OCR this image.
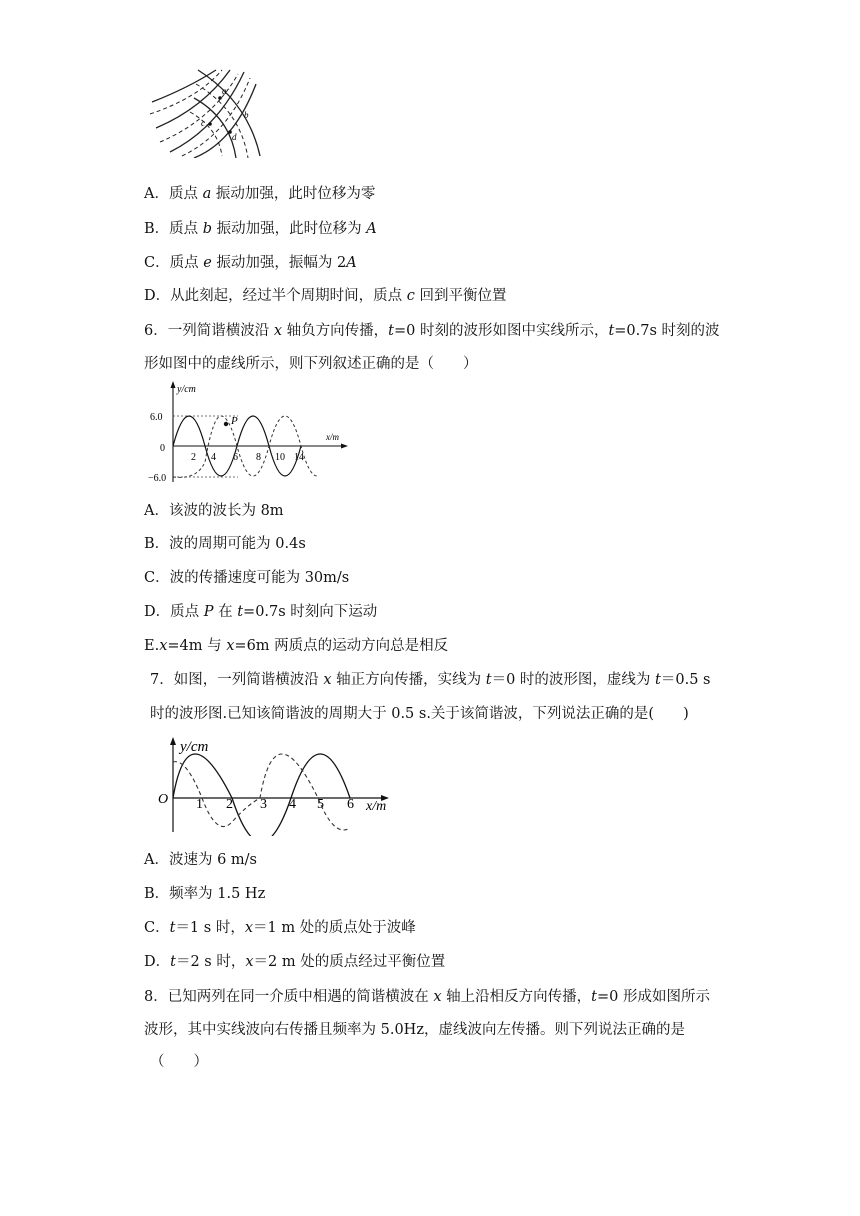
a
b
c
d
A．质点 a 振动加强，此时位移为零
B．质点 b 振动加强，此时位移为 A
C．质点 e 振动加强，振幅为 2A
D．从此刻起，经过半个周期时间，质点 c 回到平衡位置
6．一列简谐横波沿 x 轴负方向传播，t=0 时刻的波形如图中实线所示，t=0.7s 时刻的波
形如图中的虚线所示，则下列叙述正确的是（　　）
y/cm
x/m
6.0
0
−6.0
2 4 6 8 10 14
P
A．该波的波长为 8m
B．波的周期可能为 0.4s
C．波的传播速度可能为 30m/s
D．质点 P 在 t=0.7s 时刻向下运动
E.x=4m 与 x=6m 两质点的运动方向总是相反
7．如图，一列简谐横波沿 x 轴正方向传播，实线为 t＝0 时的波形图，虚线为 t＝0.5 s
时的波形图.已知该简谐波的周期大于 0.5 s.关于该简谐波，下列说法正确的是(　　)
y/cm
x/m
O 1 2 3 4 5 6
A．波速为 6 m/s
B．频率为 1.5 Hz
C．t＝1 s 时，x＝1 m 处的质点处于波峰
D．t＝2 s 时，x＝2 m 处的质点经过平衡位置
8．已知两列在同一介质中相遇的简谐横波在 x 轴上沿相反方向传播，t=0 形成如图所示
波形，其中实线波向右传播且频率为 5.0Hz，虚线波向左传播。则下列说法正确的是
（　　）
